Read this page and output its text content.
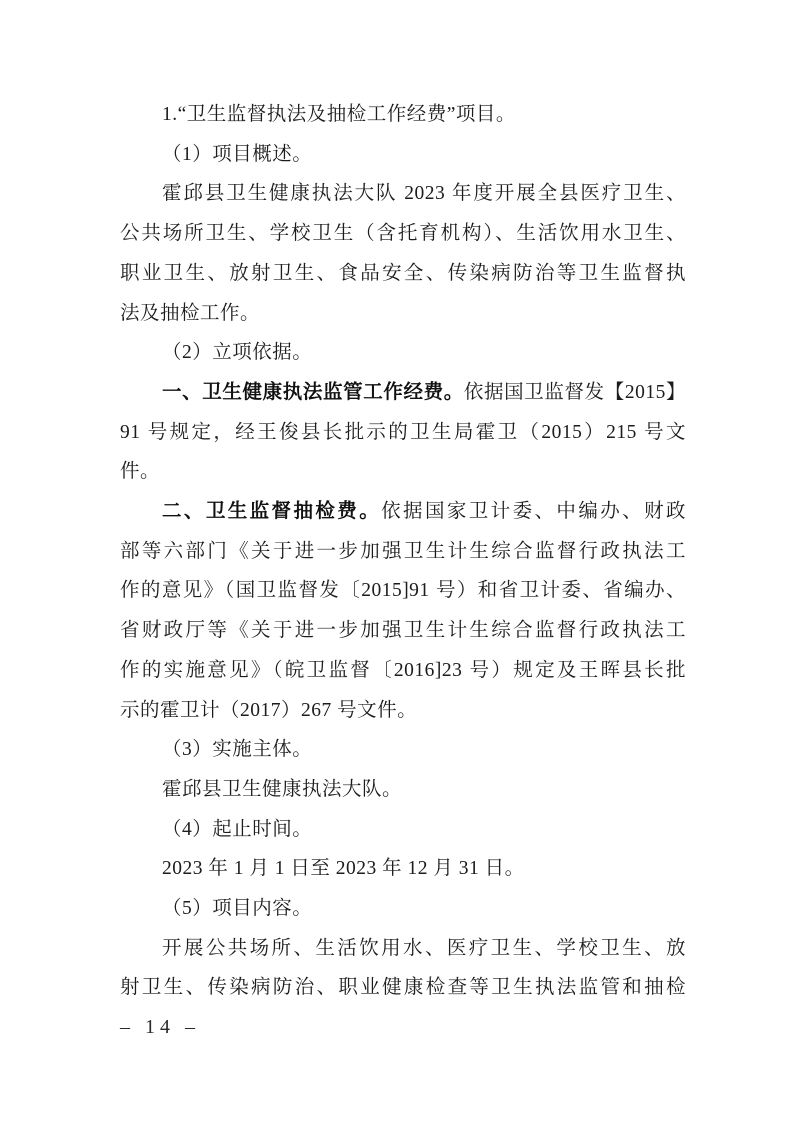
1.“卫生监督执法及抽检工作经费”项目。
（1）项目概述。
霍邱县卫生健康执法大队 2023 年度开展全县医疗卫生、
公共场所卫生、学校卫生（含托育机构）、生活饮用水卫生、
职业卫生、放射卫生、食品安全、传染病防治等卫生监督执
法及抽检工作。
（2）立项依据。
一、卫生健康执法监管工作经费。依据国卫监督发【2015】
91 号规定，经王俊县长批示的卫生局霍卫（2015）215 号文
件。
二、卫生监督抽检费。依据国家卫计委、中编办、财政
部等六部门《关于进一步加强卫生计生综合监督行政执法工
作的意见》（国卫监督发〔2015]91 号）和省卫计委、省编办、
省财政厅等《关于进一步加强卫生计生综合监督行政执法工
作的实施意见》（皖卫监督〔2016]23 号）规定及王晖县长批
示的霍卫计（2017）267 号文件。
（3）实施主体。
霍邱县卫生健康执法大队。
（4）起止时间。
2023 年 1 月 1 日至 2023 年 12 月 31 日。
（5）项目内容。
开展公共场所、生活饮用水、医疗卫生、学校卫生、放
射卫生、传染病防治、职业健康检查等卫生执法监管和抽检
– 14 –
